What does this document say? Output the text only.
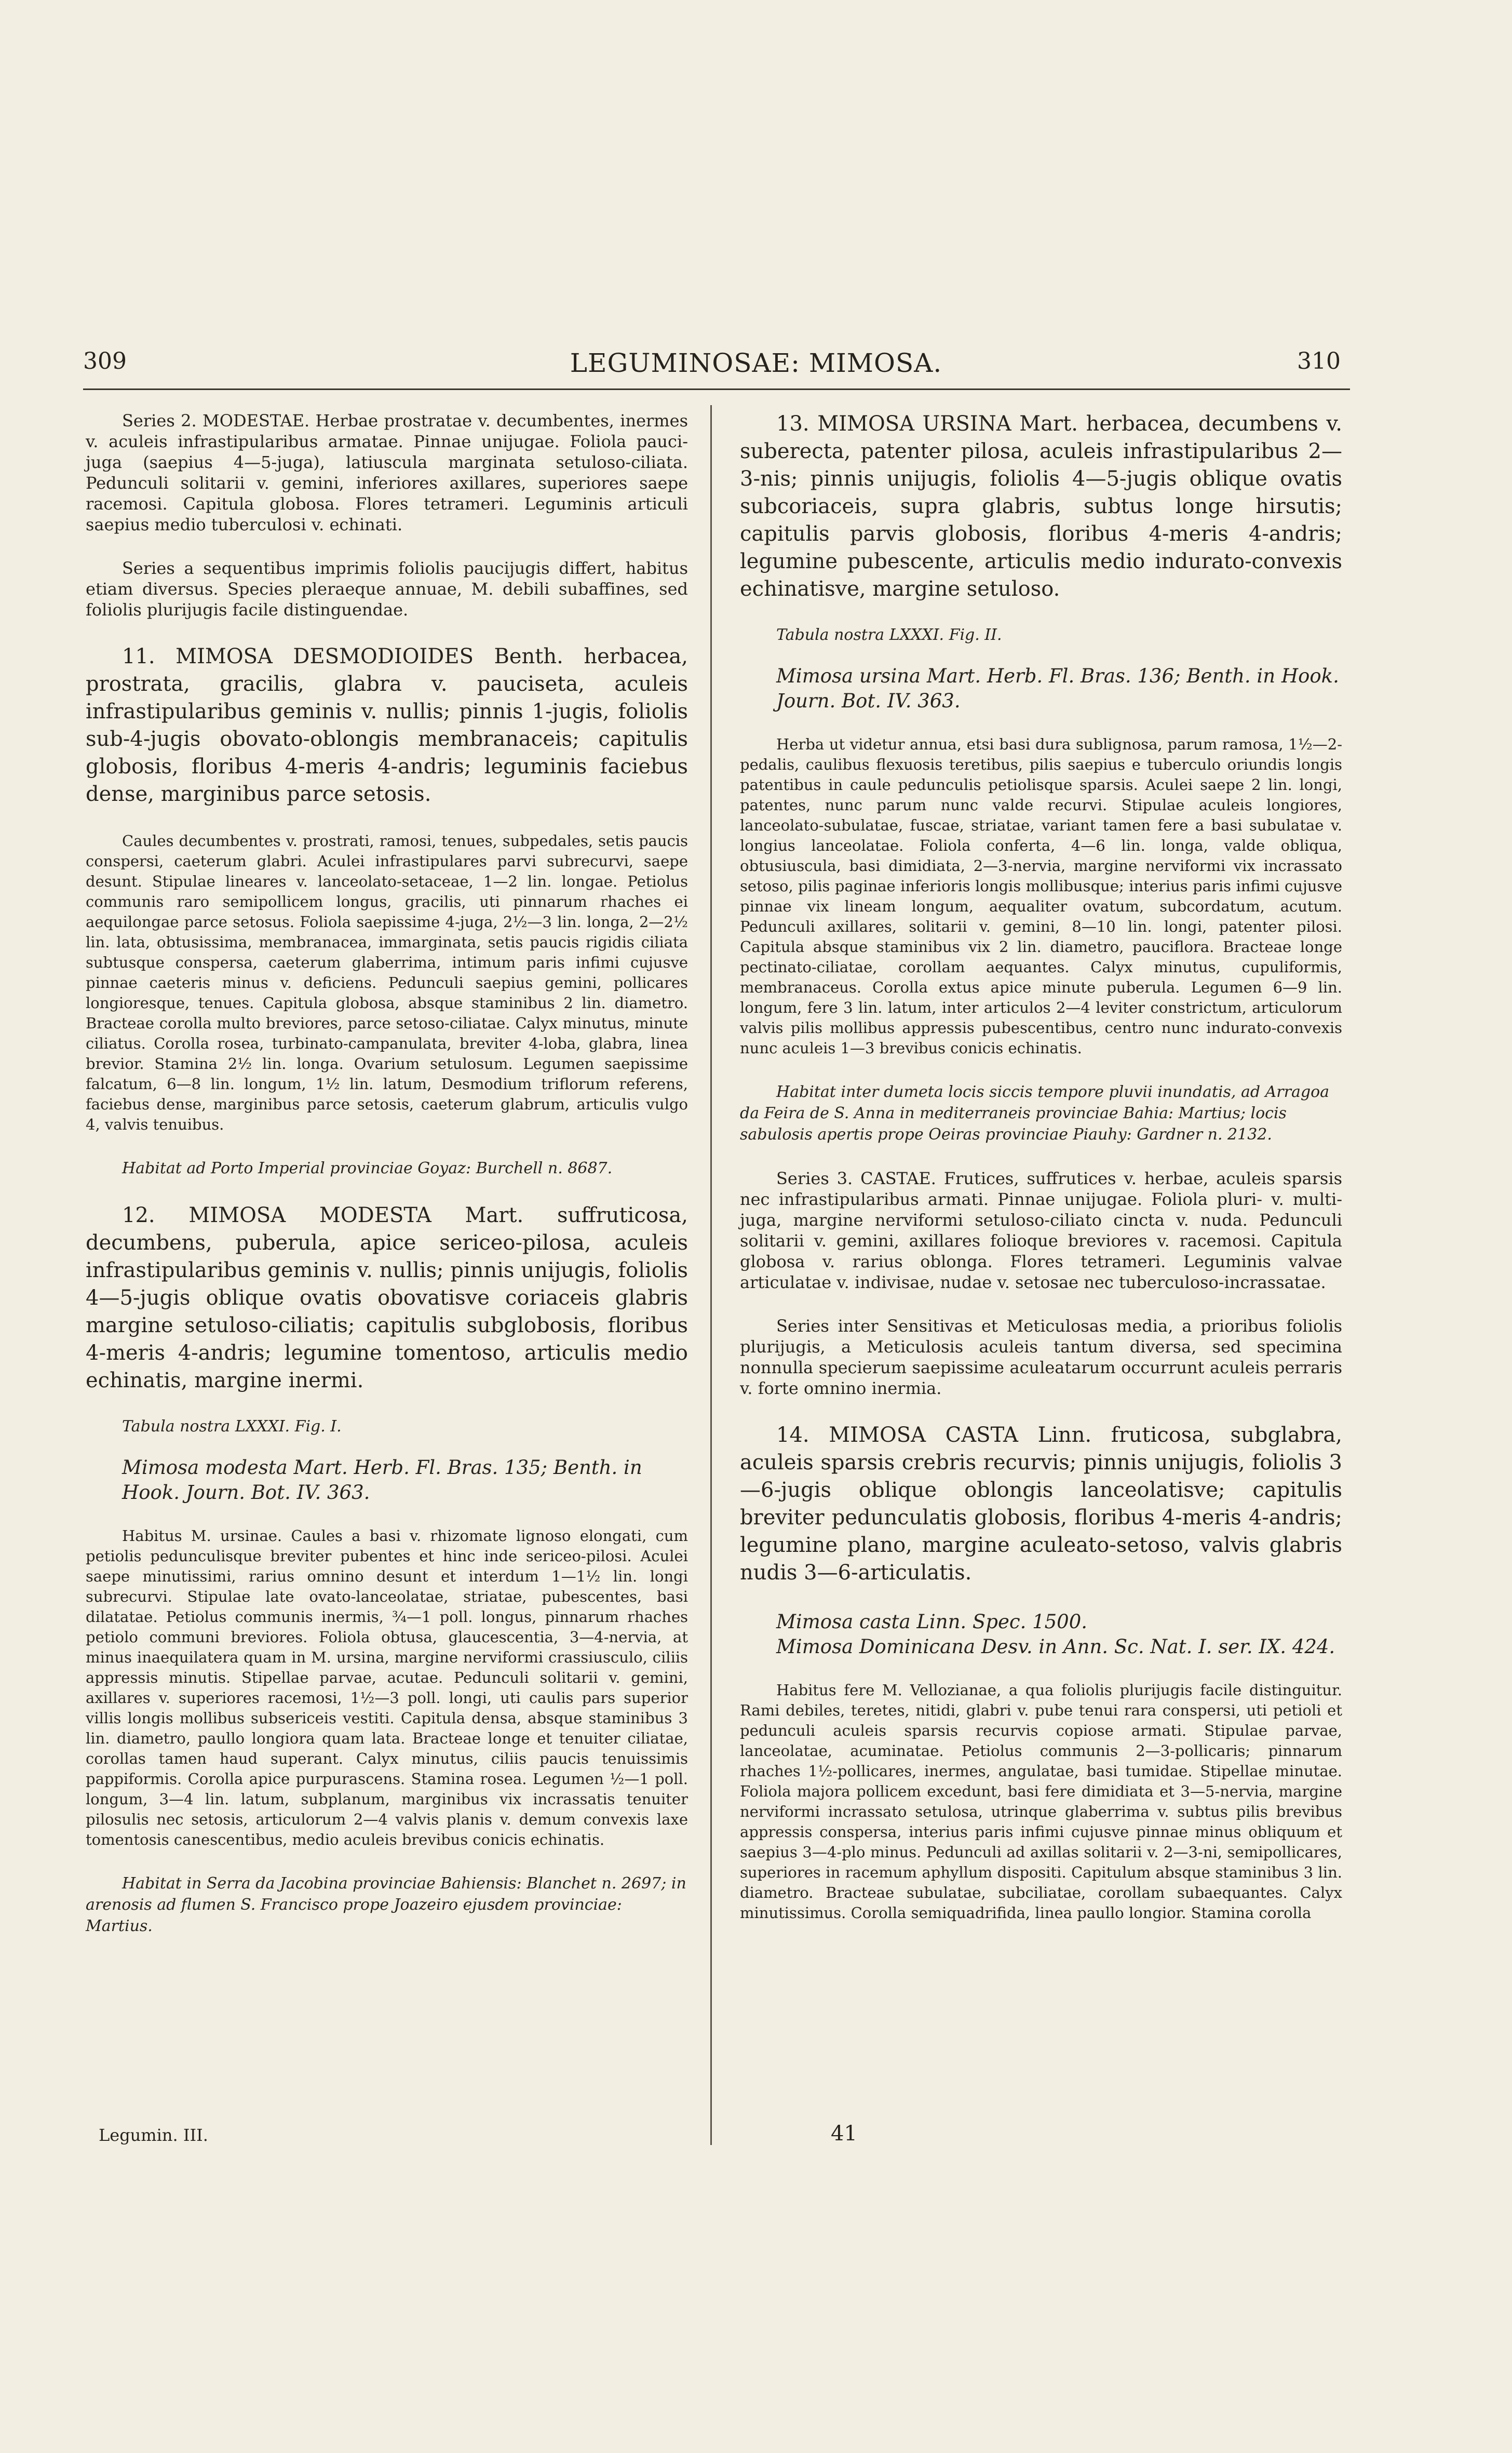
309	LEGUMINOSAE: MIMOSA.	310

Series 2. MODESTAE. Herbae prostratae v. decumbentes, inermes v. aculeis infrastipularibus armatae. Pinnae unijugae. Foliola pauci-juga (saepius 4—5-juga), latiuscula marginata setuloso-ciliata. Pedunculi solitarii v. gemini, inferiores axillares, superiores saepe racemosi. Capitula globosa. Flores tetrameri. Leguminis articuli saepius medio tuberculosi v. echinati.

Series a sequentibus imprimis foliolis paucijugis differt, habitus etiam diversus. Species pleraeque annuae, M. debili subaffines, sed foliolis plurijugis facile distinguendae.

11. MIMOSA DESMODIOIDES Benth. herbacea, prostrata, gracilis, glabra v. pauciseta, aculeis infrastipularibus geminis v. nullis; pinnis 1-jugis, foliolis sub-4-jugis obovato-oblongis membranaceis; capitulis globosis, floribus 4-meris 4-andris; leguminis faciebus dense, marginibus parce setosis.

Caules decumbentes v. prostrati, ramosi, tenues, subpedales, setis paucis conspersi, caeterum glabri. Aculei infrastipulares parvi subrecurvi, saepe desunt. Stipulae lineares v. lanceolato-setaceae, 1—2 lin. longae. Petiolus communis raro semipollicem longus, gracilis, uti pinnarum rhaches ei aequilongae parce setosus. Foliola saepissime 4-juga, 2½—3 lin. longa, 2—2½ lin. lata, obtusissima, membranacea, immarginata, setis paucis rigidis ciliata subtusque conspersa, caeterum glaberrima, intimum paris infimi cujusve pinnae caeteris minus v. deficiens. Pedunculi saepius gemini, pollicares longioresque, tenues. Capitula globosa, absque staminibus 2 lin. diametro. Bracteae corolla multo breviores, parce setoso-ciliatae. Calyx minutus, minute ciliatus. Corolla rosea, turbinato-campanulata, breviter 4-loba, glabra, linea brevior. Stamina 2½ lin. longa. Ovarium setulosum. Legumen saepissime falcatum, 6—8 lin. longum, 1½ lin. latum, Desmodium triflorum referens, faciebus dense, marginibus parce setosis, caeterum glabrum, articulis vulgo 4, valvis tenuibus.

Habitat ad Porto Imperial provinciae Goyaz: Burchell n. 8687.

12. MIMOSA MODESTA Mart. suffruticosa, decumbens, puberula, apice sericeo-pilosa, aculeis infrastipularibus geminis v. nullis; pinnis unijugis, foliolis 4—5-jugis oblique ovatis obovatisve coriaceis glabris margine setuloso-ciliatis; capitulis subglobosis, floribus 4-meris 4-andris; legumine tomentoso, articulis medio echinatis, margine inermi.

Tabula nostra LXXXI. Fig. I.
Mimosa modesta Mart. Herb. Fl. Bras. 135; Benth. in Hook. Journ. Bot. IV. 363.

Habitus M. ursinae. Caules a basi v. rhizomate lignoso elongati, cum petiolis pedunculisque breviter pubentes et hinc inde sericeo-pilosi. Aculei saepe minutissimi, rarius omnino desunt et interdum 1—1½ lin. longi subrecurvi. Stipulae late ovato-lanceolatae, striatae, pubescentes, basi dilatatae. Petiolus communis inermis, ¾—1 poll. longus, pinnarum rhaches petiolo communi breviores. Foliola obtusa, glaucescentia, 3—4-nervia, at minus inaequilatera quam in M. ursina, margine nerviformi crassiusculo, ciliis appressis minutis. Stipellae parvae, acutae. Pedunculi solitarii v. gemini, axillares v. superiores racemosi, 1½—3 poll. longi, uti caulis pars superior villis longis mollibus subsericeis vestiti. Capitula densa, absque staminibus 3 lin. diametro, paullo longiora quam lata. Bracteae longe et tenuiter ciliatae, corollas tamen haud superant. Calyx minutus, ciliis paucis tenuissimis pappiformis. Corolla apice purpurascens. Stamina rosea. Legumen ½—1 poll. longum, 3—4 lin. latum, subplanum, marginibus vix incrassatis tenuiter pilosulis nec setosis, articulorum 2—4 valvis planis v. demum convexis laxe tomentosis canescentibus, medio aculeis brevibus conicis echinatis.

Habitat in Serra da Jacobina provinciae Bahiensis: Blanchet n. 2697; in arenosis ad flumen S. Francisco prope Joazeiro ejusdem provinciae: Martius.

13. MIMOSA URSINA Mart. herbacea, decumbens v. suberecta, patenter pilosa, aculeis infrastipularibus 2—3-nis; pinnis unijugis, foliolis 4—5-jugis oblique ovatis subcoriaceis, supra glabris, subtus longe hirsutis; capitulis parvis globosis, floribus 4-meris 4-andris; legumine pubescente, articulis medio indurato-convexis echinatisve, margine setuloso.

Tabula nostra LXXXI. Fig. II.
Mimosa ursina Mart. Herb. Fl. Bras. 136; Benth. in Hook. Journ. Bot. IV. 363.

Herba ut videtur annua, etsi basi dura sublignosa, parum ramosa, 1½—2-pedalis, caulibus flexuosis teretibus, pilis saepius e tuberculo oriundis longis patentibus in caule pedunculis petiolisque sparsis. Aculei saepe 2 lin. longi, patentes, nunc parum nunc valde recurvi. Stipulae aculeis longiores, lanceolato-subulatae, fuscae, striatae, variant tamen fere a basi subulatae v. longius lanceolatae. Foliola conferta, 4—6 lin. longa, valde obliqua, obtusiuscula, basi dimidiata, 2—3-nervia, margine nerviformi vix incrassato setoso, pilis paginae inferioris longis mollibusque; interius paris infimi cujusve pinnae vix lineam longum, aequaliter ovatum, subcordatum, acutum. Pedunculi axillares, solitarii v. gemini, 8—10 lin. longi, patenter pilosi. Capitula absque staminibus vix 2 lin. diametro, pauciflora. Bracteae longe pectinato-ciliatae, corollam aequantes. Calyx minutus, cupuliformis, membranaceus. Corolla extus apice minute puberula. Legumen 6—9 lin. longum, fere 3 lin. latum, inter articulos 2—4 leviter constrictum, articulorum valvis pilis mollibus appressis pubescentibus, centro nunc indurato-convexis nunc aculeis 1—3 brevibus conicis echinatis.

Habitat inter dumeta locis siccis tempore pluvii inundatis, ad Arragoa da Feira de S. Anna in mediterraneis provinciae Bahia: Martius; locis sabulosis apertis prope Oeiras provinciae Piauhy: Gardner n. 2132.

Series 3. CASTAE. Frutices, suffrutices v. herbae, aculeis sparsis nec infrastipularibus armati. Pinnae unijugae. Foliola pluri- v. multi-juga, margine nerviformi setuloso-ciliato cincta v. nuda. Pedunculi solitarii v. gemini, axillares folioque breviores v. racemosi. Capitula globosa v. rarius oblonga. Flores tetrameri. Leguminis valvae articulatae v. indivisae, nudae v. setosae nec tuberculoso-incrassatae.

Series inter Sensitivas et Meticulosas media, a prioribus foliolis plurijugis, a Meticulosis aculeis tantum diversa, sed specimina nonnulla specierum saepissime aculeatarum occurrunt aculeis perraris v. forte omnino inermia.

14. MIMOSA CASTA Linn. fruticosa, subglabra, aculeis sparsis crebris recurvis; pinnis unijugis, foliolis 3—6-jugis oblique oblongis lanceolatisve; capitulis breviter pedunculatis globosis, floribus 4-meris 4-andris; legumine plano, margine aculeato-setoso, valvis glabris nudis 3—6-articulatis.

Mimosa casta Linn. Spec. 1500.
Mimosa Dominicana Desv. in Ann. Sc. Nat. I. ser. IX. 424.

Habitus fere M. Vellozianae, a qua foliolis plurijugis facile distinguitur. Rami debiles, teretes, nitidi, glabri v. pube tenui rara conspersi, uti petioli et pedunculi aculeis sparsis recurvis copiose armati. Stipulae parvae, lanceolatae, acuminatae. Petiolus communis 2—3-pollicaris; pinnarum rhaches 1½-pollicares, inermes, angulatae, basi tumidae. Stipellae minutae. Foliola majora pollicem excedunt, basi fere dimidiata et 3—5-nervia, margine nerviformi incrassato setulosa, utrinque glaberrima v. subtus pilis brevibus appressis conspersa, interius paris infimi cujusve pinnae minus obliquum et saepius 3—4-plo minus. Pedunculi ad axillas solitarii v. 2—3-ni, semipollicares, superiores in racemum aphyllum dispositi. Capitulum absque staminibus 3 lin. diametro. Bracteae subulatae, subciliatae, corollam subaequantes. Calyx minutissimus. Corolla semiquadrifida, linea paullo longior. Stamina corolla

Legumin. III.	41
